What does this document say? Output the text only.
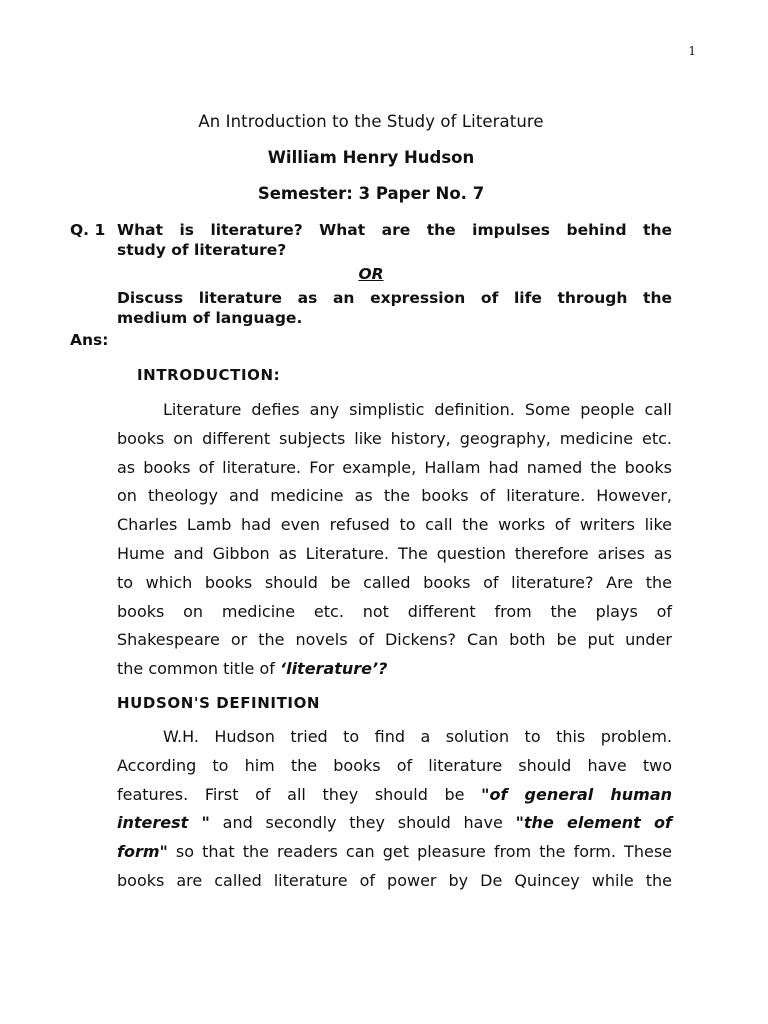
1
An Introduction to the Study of Literature
William Henry Hudson
Semester: 3 Paper No. 7
Q. 1 What is literature? What are the impulses behind the
study of literature?
OR
Discuss literature as an expression of life through the
medium of language.
Ans:
INTRODUCTION:
Literature defies any simplistic definition. Some people call
books on different subjects like history, geography, medicine etc.
as books of literature. For example, Hallam had named the books
on theology and medicine as the books of literature. However,
Charles Lamb had even refused to call the works of writers like
Hume and Gibbon as Literature. The question therefore arises as
to which books should be called books of literature? Are the
books on medicine etc. not different from the plays of
Shakespeare or the novels of Dickens? Can both be put under
the common title of ‘literature’?
HUDSON'S DEFINITION
W.H. Hudson tried to find a solution to this problem.
According to him the books of literature should have two
features. First of all they should be "of general human
interest " and secondly they should have "the element of
form" so that the readers can get pleasure from the form. These
books are called literature of power by De Quincey while the
